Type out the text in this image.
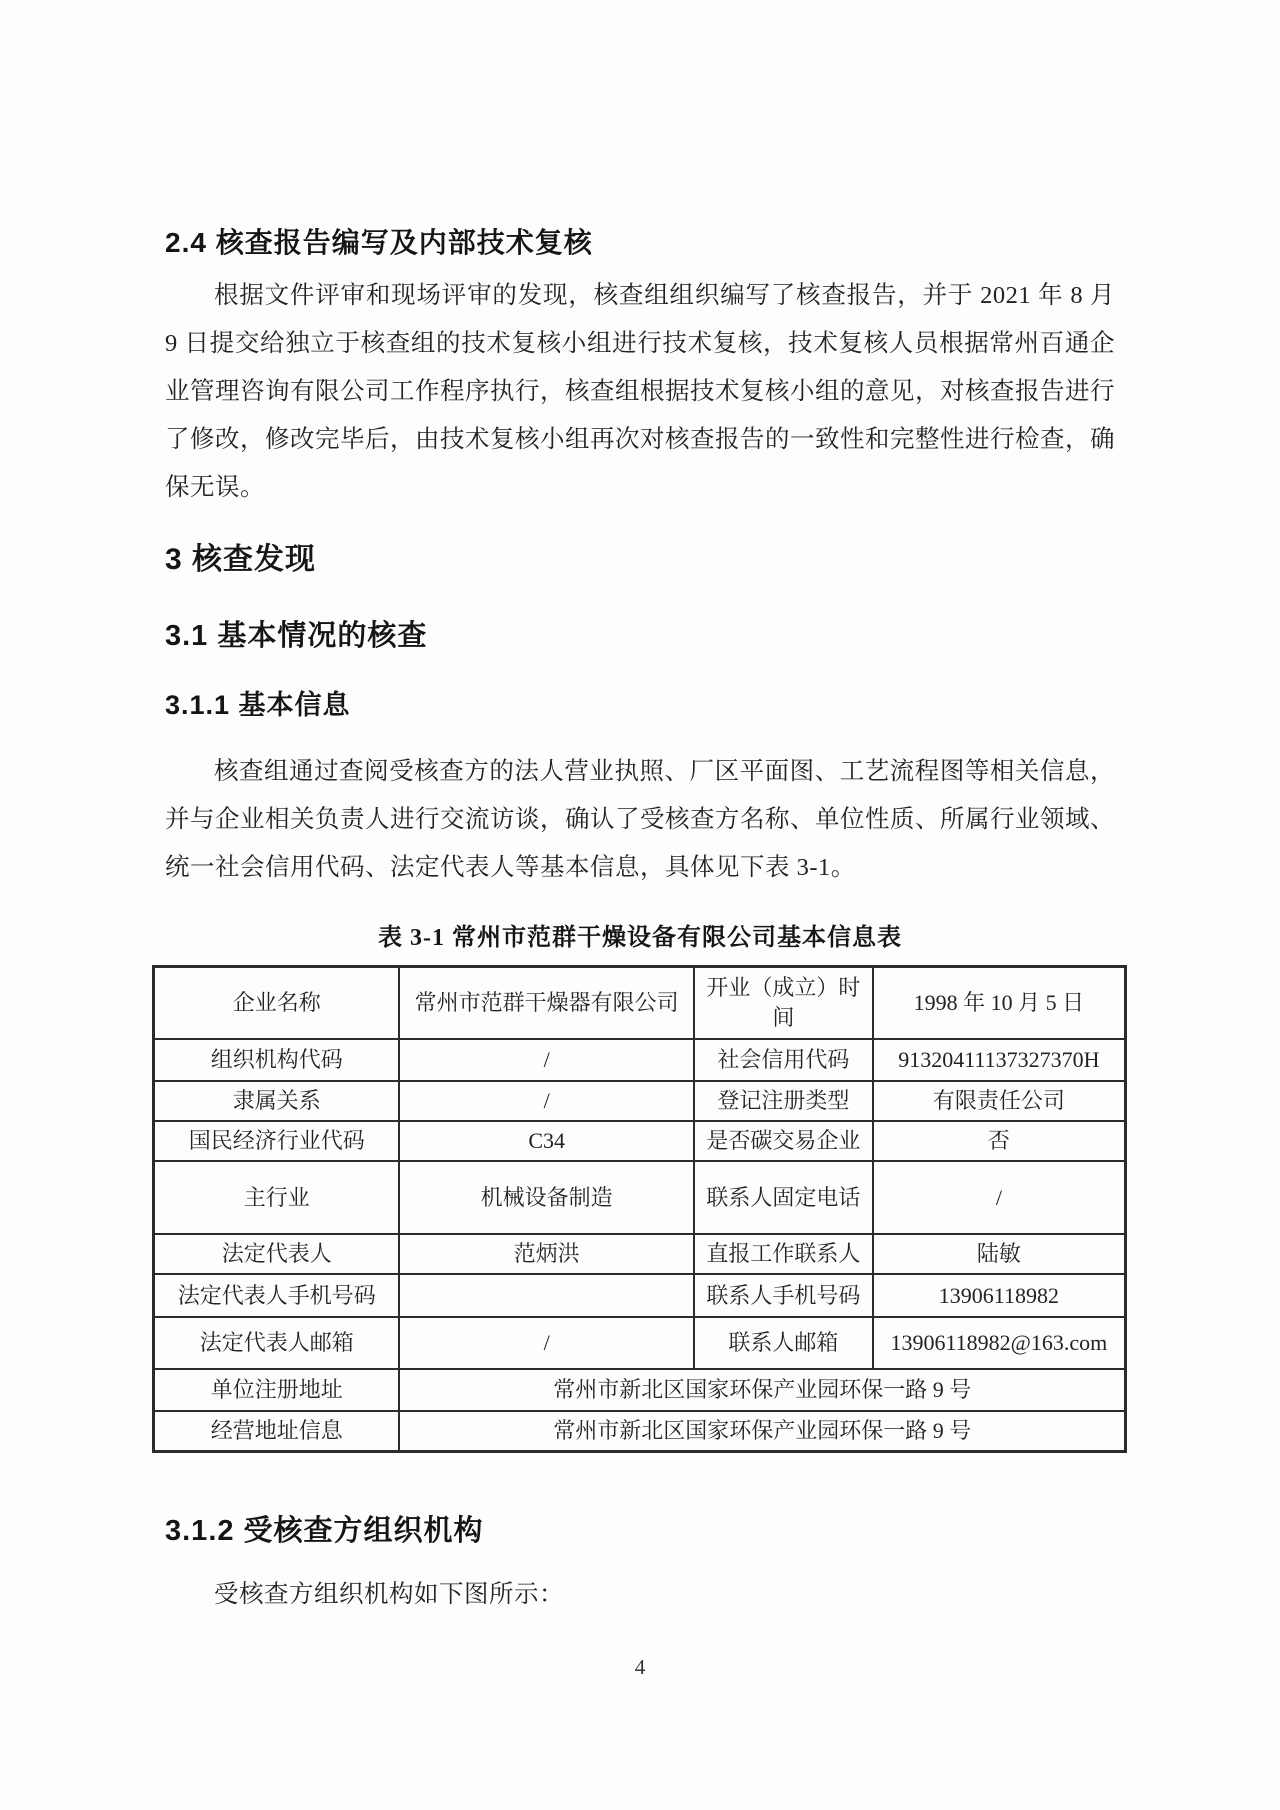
2.4 核查报告编写及内部技术复核

根据文件评审和现场评审的发现，核查组组织编写了核查报告，并于 2021 年 8 月 9 日提交给独立于核查组的技术复核小组进行技术复核，技术复核人员根据常州百通企业管理咨询有限公司工作程序执行，核查组根据技术复核小组的意见，对核查报告进行了修改，修改完毕后，由技术复核小组再次对核查报告的一致性和完整性进行检查，确保无误。

3 核查发现
3.1 基本情况的核查
3.1.1 基本信息

核查组通过查阅受核查方的法人营业执照、厂区平面图、工艺流程图等相关信息，并与企业相关负责人进行交流访谈，确认了受核查方名称、单位性质、所属行业领域、统一社会信用代码、法定代表人等基本信息，具体见下表 3-1。

表 3-1 常州市范群干燥设备有限公司基本信息表
企业名称	常州市范群干燥器有限公司	开业（成立）时间	1998 年 10 月 5 日
组织机构代码	/	社会信用代码	91320411137327370H
隶属关系	/	登记注册类型	有限责任公司
国民经济行业代码	C34	是否碳交易企业	否
主行业	机械设备制造	联系人固定电话	/
法定代表人	范炳洪	直报工作联系人	陆敏
法定代表人手机号码		联系人手机号码	13906118982
法定代表人邮箱	/	联系人邮箱	13906118982@163.com
单位注册地址	常州市新北区国家环保产业园环保一路 9 号		
经营地址信息	常州市新北区国家环保产业园环保一路 9 号		
3.1.2 受核查方组织机构

受核查方组织机构如下图所示：

4
